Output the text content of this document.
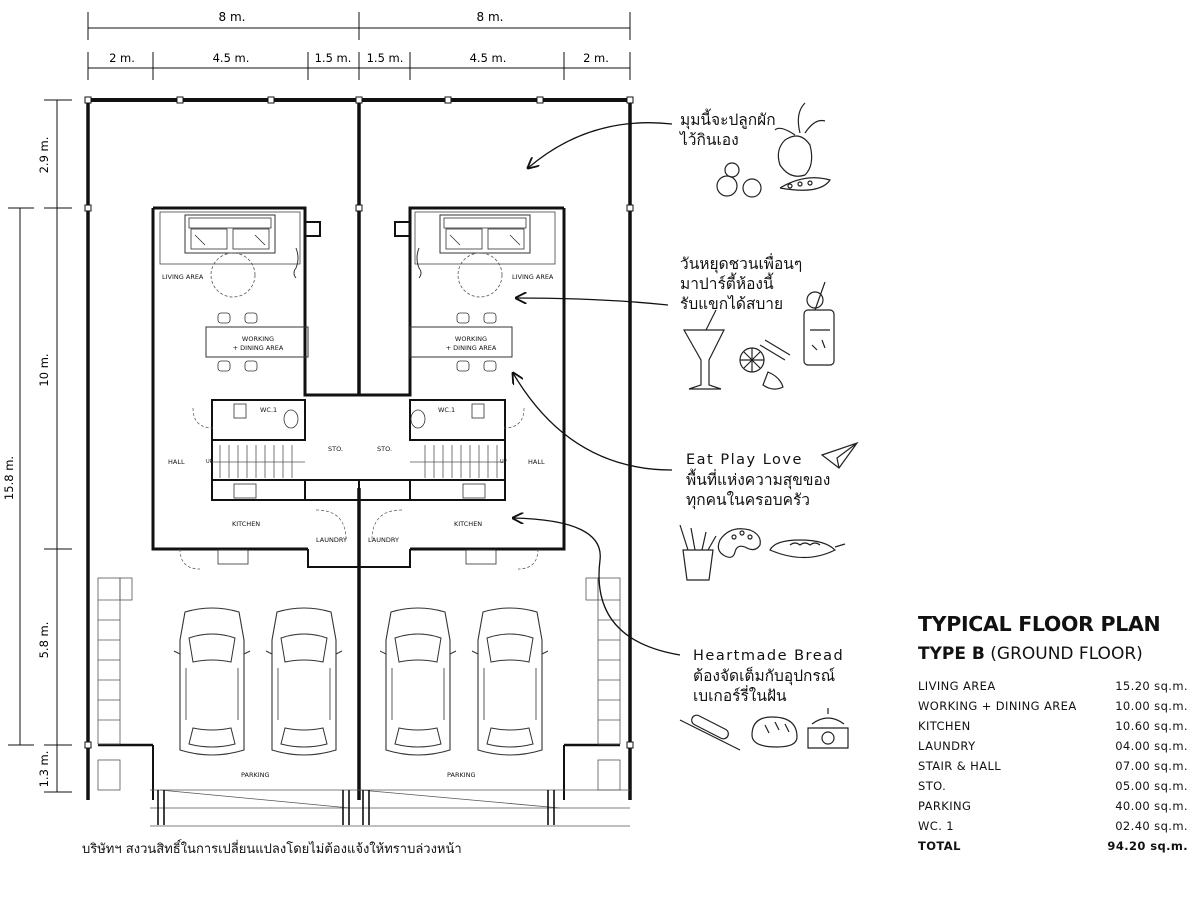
8 m.	8 m.
2 m.	4.5 m.	1.5 m. 1.5 m.	4.5 m.	2 m.
15.8 m.
2.9 m.
10 m.
5.8 m.
1.3 m.
LIVING AREA
WORKING
+ DINING AREA
WC.1
HALL	UP
STO.
KITCHEN
LAUNDRY
PARKING
LIVING AREA
WORKING
+ DINING AREA
WC.1
HALL
UP
STO.
KITCHEN
LAUNDRY
PARKING
มุมนี้จะปลูกผัก
ไว้กินเอง
วันหยุดชวนเพื่อนๆ
มาปาร์ตี้ห้องนี้
รับแขกได้สบาย
Eat Play Love
พื้นที่แห่งความสุขของ
ทุกคนในครอบครัว
Heartmade Bread
ต้องจัดเต็มกับอุปกรณ์
เบเกอร์รี่ในฝัน
TYPICAL FLOOR PLAN
TYPE B (GROUND FLOOR)
LIVING AREA	15.20 sq.m.
WORKING + DINING AREA	10.00 sq.m.
KITCHEN	10.60 sq.m.
LAUNDRY	04.00 sq.m.
STAIR & HALL	07.00 sq.m.
STO.	05.00 sq.m.
PARKING	40.00 sq.m.
WC. 1	02.40 sq.m.
TOTAL	94.20 sq.m.
บริษัทฯ สงวนสิทธิ์ในการเปลี่ยนแปลงโดยไม่ต้องแจ้งให้ทราบล่วงหน้า
